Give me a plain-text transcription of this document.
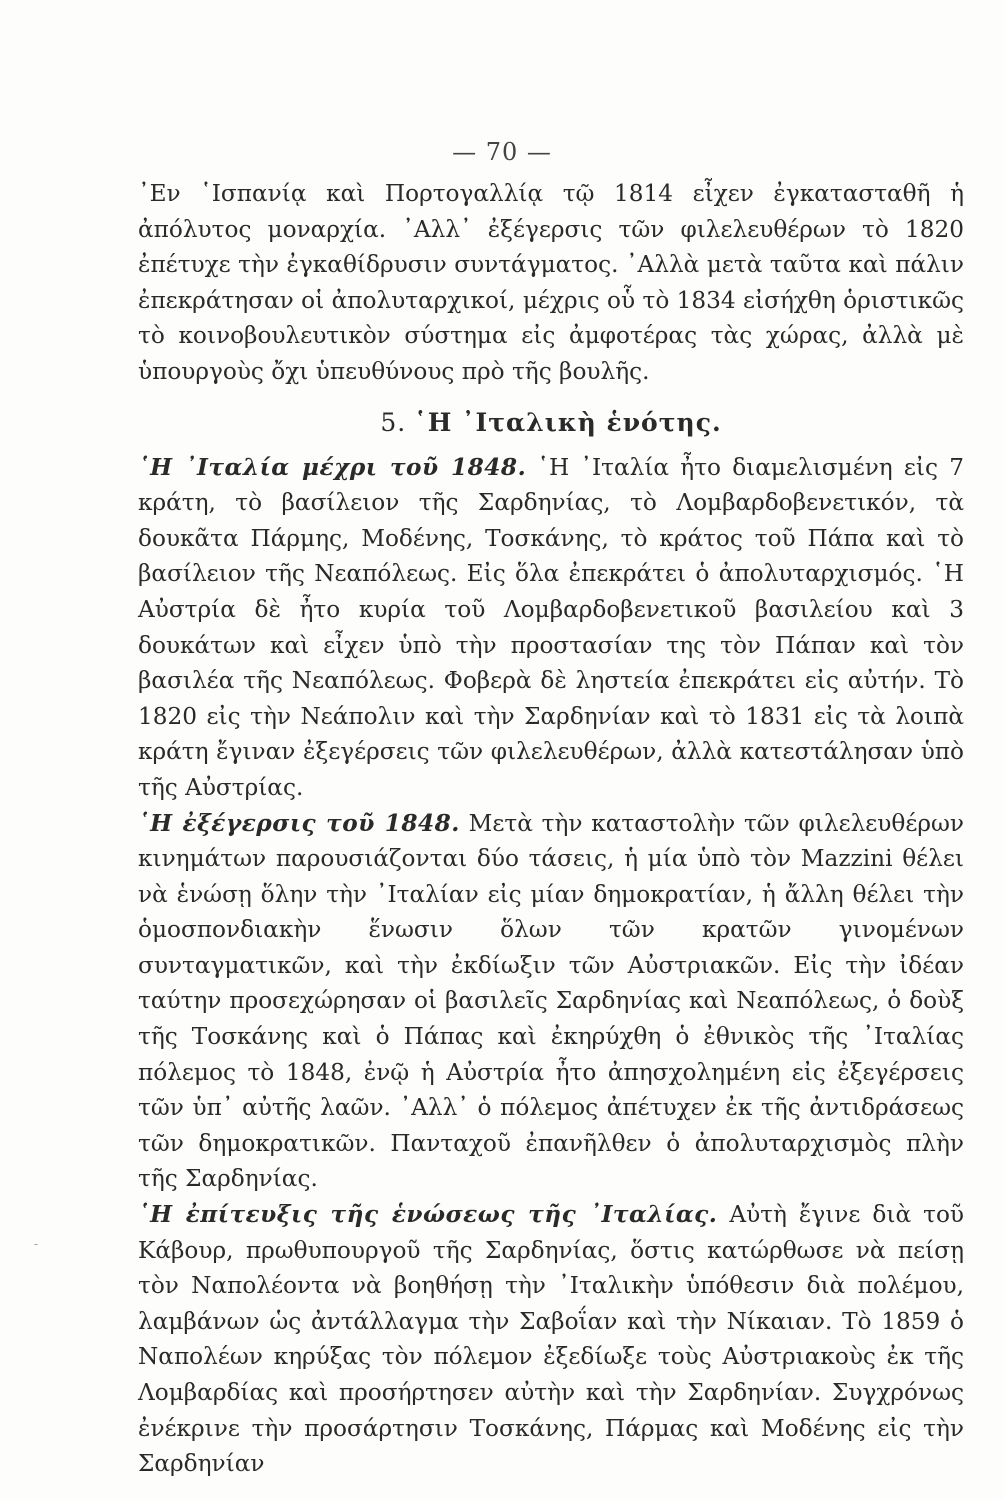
— 70 —

᾿Εν ῾Ισπανίᾳ καὶ Πορτογαλλίᾳ τῷ 1814 εἶχεν ἐγκατασταθῆ ἡ ἀπόλυτος μοναρχία. ᾿Αλλ᾿ ἐξέγερσις τῶν φιλελευθέρων τὸ 1820 ἐπέτυχε τὴν ἐγκαθίδρυσιν συντάγματος. ᾿Αλλὰ μετὰ ταῦτα καὶ πάλιν ἐπεκράτησαν οἱ ἀπολυταρχικοί, μέχρις οὗ τὸ 1834 εἰσήχθη ὁριστικῶς τὸ κοινοβουλευτικὸν σύστημα εἰς ἀμφοτέρας τὰς χώρας, ἀλλὰ μὲ ὑπουργοὺς ὄχι ὑπευθύνους πρὸ τῆς βουλῆς.

5. ῾Η ᾿Ιταλικὴ ἑνότης.

῾Η ᾿Ιταλία μέχρι τοῦ 1848. ῾Η ᾿Ιταλία ἦτο διαμελισμένη εἰς 7 κράτη, τὸ βασίλειον τῆς Σαρδηνίας, τὸ Λομβαρδοβενετικόν, τὰ δουκᾶτα Πάρμης, Μοδένης, Τοσκάνης, τὸ κράτος τοῦ Πάπα καὶ τὸ βασίλειον τῆς Νεαπόλεως. Εἰς ὅλα ἐπεκράτει ὁ ἀπολυταρχισμός. ῾Η Αὐστρία δὲ ἦτο κυρία τοῦ Λομβαρδοβενετικοῦ βασιλείου καὶ 3 δουκάτων καὶ εἶχεν ὑπὸ τὴν προστασίαν της τὸν Πάπαν καὶ τὸν βασιλέα τῆς Νεαπόλεως. Φοβερὰ δὲ ληστεία ἐπεκράτει εἰς αὐτήν. Τὸ 1820 εἰς τὴν Νεάπολιν καὶ τὴν Σαρδηνίαν καὶ τὸ 1831 εἰς τὰ λοιπὰ κράτη ἔγιναν ἐξεγέρσεις τῶν φιλελευθέρων, ἀλλὰ κατεστάλησαν ὑπὸ τῆς Αὐστρίας.

῾Η ἐξέγερσις τοῦ 1848. Μετὰ τὴν καταστολὴν τῶν φιλελευθέρων κινημάτων παρουσιάζονται δύο τάσεις, ἡ μία ὑπὸ τὸν Mazzini θέλει νὰ ἑνώσῃ ὅλην τὴν ᾿Ιταλίαν εἰς μίαν δημοκρατίαν, ἡ ἄλλη θέλει τὴν ὁμοσπονδιακὴν ἕνωσιν ὅλων τῶν κρατῶν γινομένων συνταγματικῶν, καὶ τὴν ἐκδίωξιν τῶν Αὐστριακῶν. Εἰς τὴν ἰδέαν ταύτην προσεχώρησαν οἱ βασιλεῖς Σαρδηνίας καὶ Νεαπόλεως, ὁ δοὺξ τῆς Τοσκάνης καὶ ὁ Πάπας καὶ ἐκηρύχθη ὁ ἐθνικὸς τῆς ᾿Ιταλίας πόλεμος τὸ 1848, ἐνῷ ἡ Αὐστρία ἦτο ἀπησχολημένη εἰς ἐξεγέρσεις τῶν ὑπ᾿ αὐτῆς λαῶν. ᾿Αλλ᾿ ὁ πόλεμος ἀπέτυχεν ἐκ τῆς ἀντιδράσεως τῶν δημοκρατικῶν. Πανταχοῦ ἐπανῆλθεν ὁ ἀπολυταρχισμὸς πλὴν τῆς Σαρδηνίας.

῾Η ἐπίτευξις τῆς ἑνώσεως τῆς ᾿Ιταλίας. Αὐτὴ ἔγινε διὰ τοῦ Κάβουρ, πρωθυπουργοῦ τῆς Σαρδηνίας, ὅστις κατώρθωσε νὰ πείσῃ τὸν Ναπολέοντα νὰ βοηθήσῃ τὴν ᾿Ιταλικὴν ὑπόθεσιν διὰ πολέμου, λαμβάνων ὡς ἀντάλλαγμα τὴν Σαβοΐαν καὶ τὴν Νίκαιαν. Τὸ 1859 ὁ Ναπολέων κηρύξας τὸν πόλεμον ἐξεδίωξε τοὺς Αὐστριακοὺς ἐκ τῆς Λομβαρδίας καὶ προσήρτησεν αὐτὴν καὶ τὴν Σαρδηνίαν. Συγχρόνως ἐνέκρινε τὴν προσάρτησιν Τοσκάνης, Πάρμας καὶ Μοδένης εἰς τὴν Σαρδηνίαν

-
